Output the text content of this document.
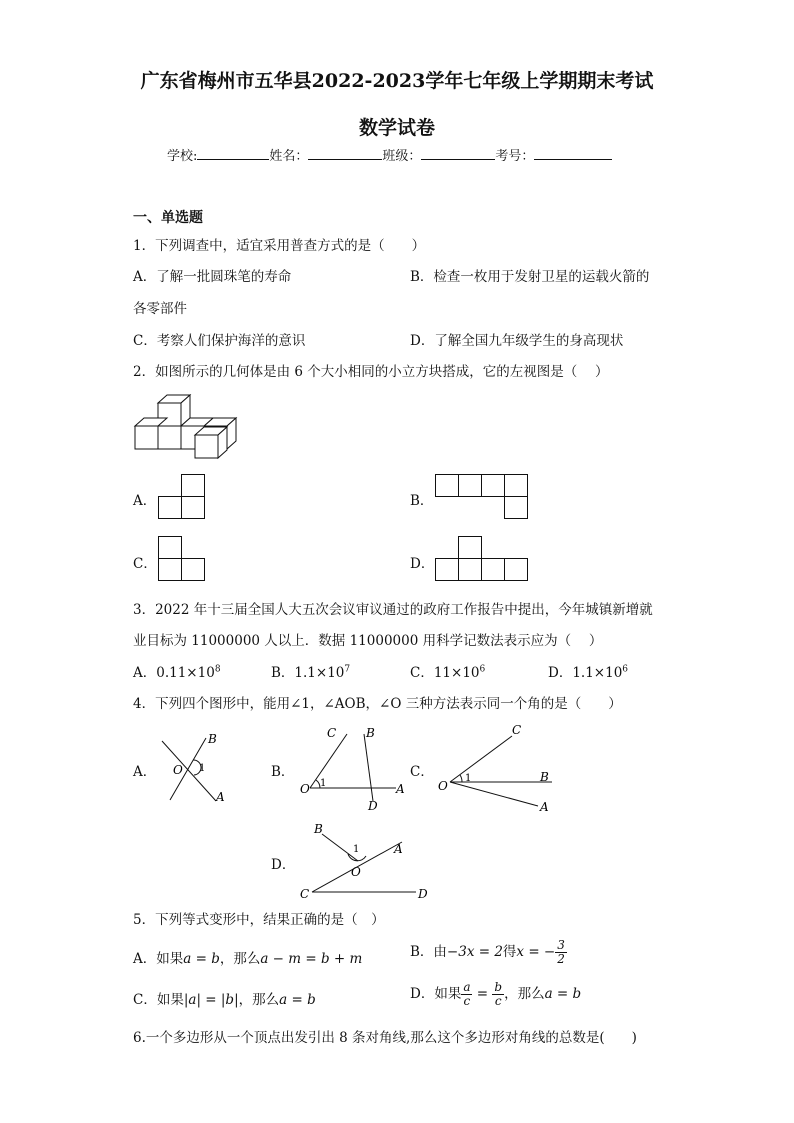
广东省梅州市五华县2022-2023学年七年级上学期期末考试
数学试卷
学校:	姓名：	班级：	考号：
一、单选题
1．下列调查中，适宜采用普查方式的是（　　）
A．了解一批圆珠笔的寿命	B．检查一枚用于发射卫星的运载火箭的
各零部件
C．考察人们保护海洋的意识	D．了解全国九年级学生的身高现状
2．如图所示的几何体是由 6 个大小相同的小立方块搭成，它的左视图是（　 ）
A．	B．
C．	D．
3．2022 年十三届全国人大五次会议审议通过的政府工作报告中提出，今年城镇新增就
业目标为 11000000 人以上．数据 11000000 用科学记数法表示应为（　 ）
A．$0.11\times 10^8$	B．$1.1\times 10^7$	C．$11\times 10^6$	D．$1.1\times 10^6$
4．下列四个图形中，能用∠1，∠AOB，∠O 三种方法表示同一个角的是（　　）
A． O 1
B
A
B．
O 1
C B
A
D
C．
O
1
C
B
A
D．
C	D
B
A
O
1
5．下列等式变形中，结果正确的是（　）
A．如果a = b，那么a − m = b + m	B．由−3x = 2得x = − $\frac{3}{2}$
C．如果|a| = |b|，那么a = b	D．如果 $\frac{a}{c} = \frac{b}{c}$ ，那么a = b
6.一个多边形从一个顶点出发引出 8 条对角线,那么这个多边形对角线的总数是(　　)
